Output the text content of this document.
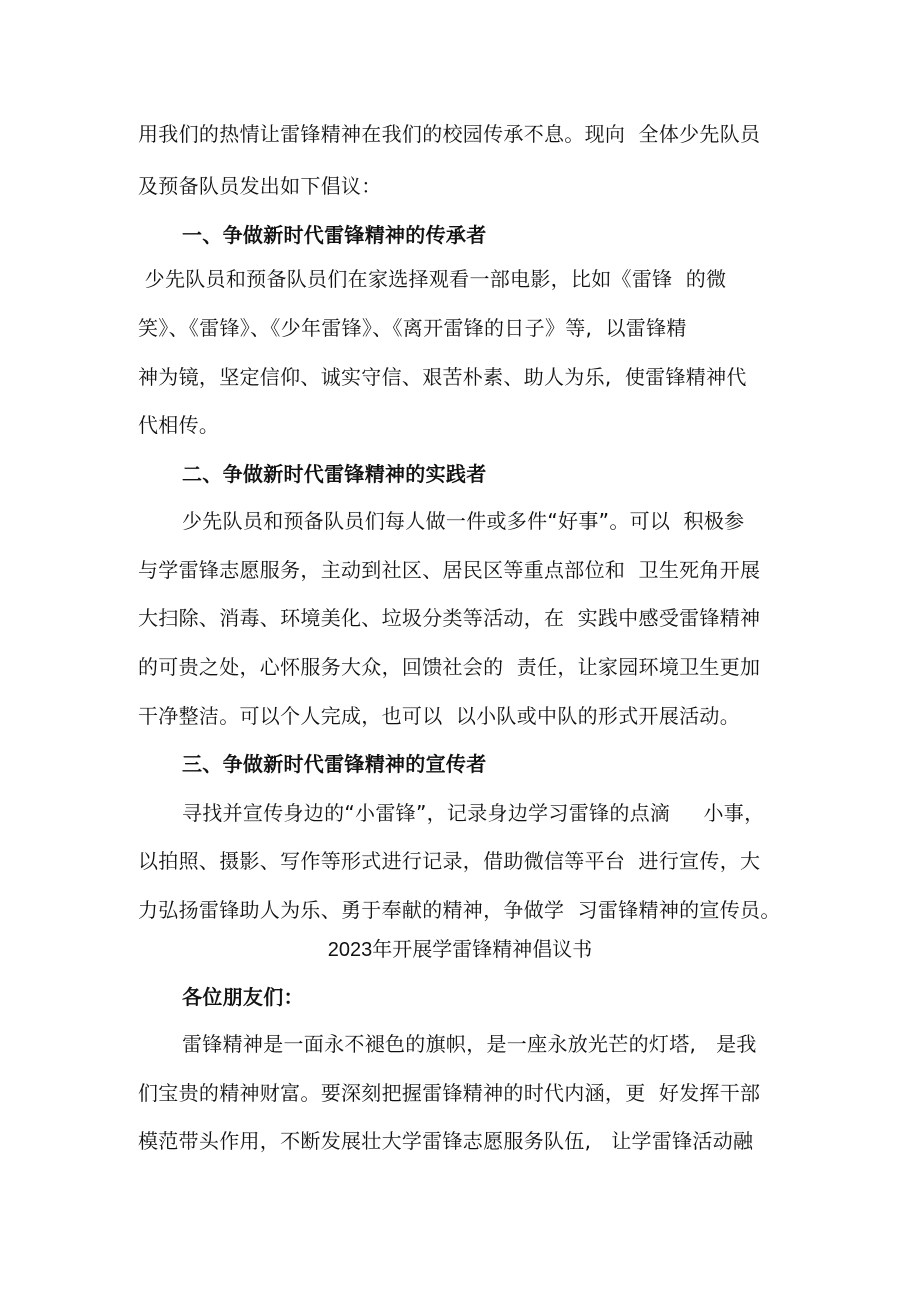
用我们的热情让雷锋精神在我们的校园传承不息。现向  全体少先队员
及预备队员发出如下倡议：
一、争做新时代雷锋精神的传承者
少先队员和预备队员们在家选择观看一部电影，比如《雷锋  的微
笑》、《雷锋》、《少年雷锋》、《离开雷锋的日子》等,  以雷锋精
神为镜，坚定信仰、诚实守信、艰苦朴素、助人为乐,  使雷锋精神代
代相传。
二、争做新时代雷锋精神的实践者
少先队员和预备队员们每人做一件或多件“好事”。可以  积极参
与学雷锋志愿服务，主动到社区、居民区等重点部位和  卫生死角开展
大扫除、消毒、环境美化、垃圾分类等活动，在  实践中感受雷锋精神
的可贵之处，心怀服务大众，回馈社会的  责任，让家园环境卫生更加
干净整洁。可以个人完成，也可以  以小队或中队的形式开展活动。
三、争做新时代雷锋精神的宣传者
寻找并宣传身边的“小雷锋”，记录身边学习雷锋的点滴     小事，
以拍照、摄影、写作等形式进行记录，借助微信等平台  进行宣传，大
力弘扬雷锋助人为乐、勇于奉献的精神，争做学  习雷锋精神的宣传员。
2023年开展学雷锋精神倡议书
各位朋友们：
雷锋精神是一面永不褪色的旗帜，是一座永放光芒的灯塔,   是我
们宝贵的精神财富。要深刻把握雷锋精神的时代内涵，更  好发挥干部
模范带头作用，不断发展壮大学雷锋志愿服务队伍,   让学雷锋活动融
